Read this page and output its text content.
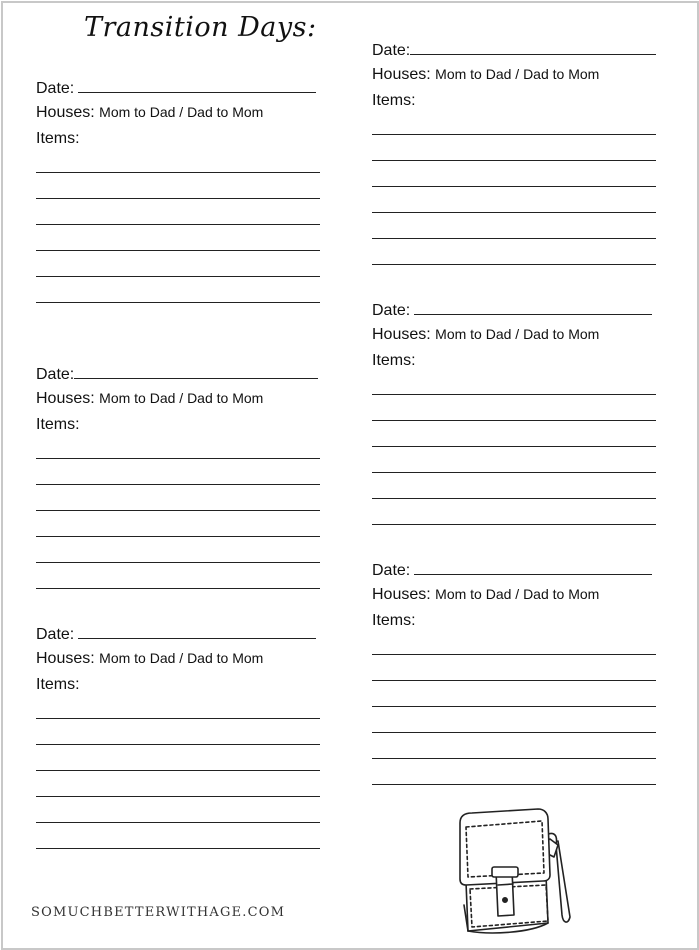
Transition Days:
Date:
Houses: Mom to Dad / Dad to Mom
Items:
Date:
Houses: Mom to Dad / Dad to Mom
Items:
Date:
Houses: Mom to Dad / Dad to Mom
Items:
Date:
Houses: Mom to Dad / Dad to Mom
Items:
Date:
Houses: Mom to Dad / Dad to Mom
Items:
Date:
Houses: Mom to Dad / Dad to Mom
Items:
SOMUCHBETTERWITHAGE.COM
